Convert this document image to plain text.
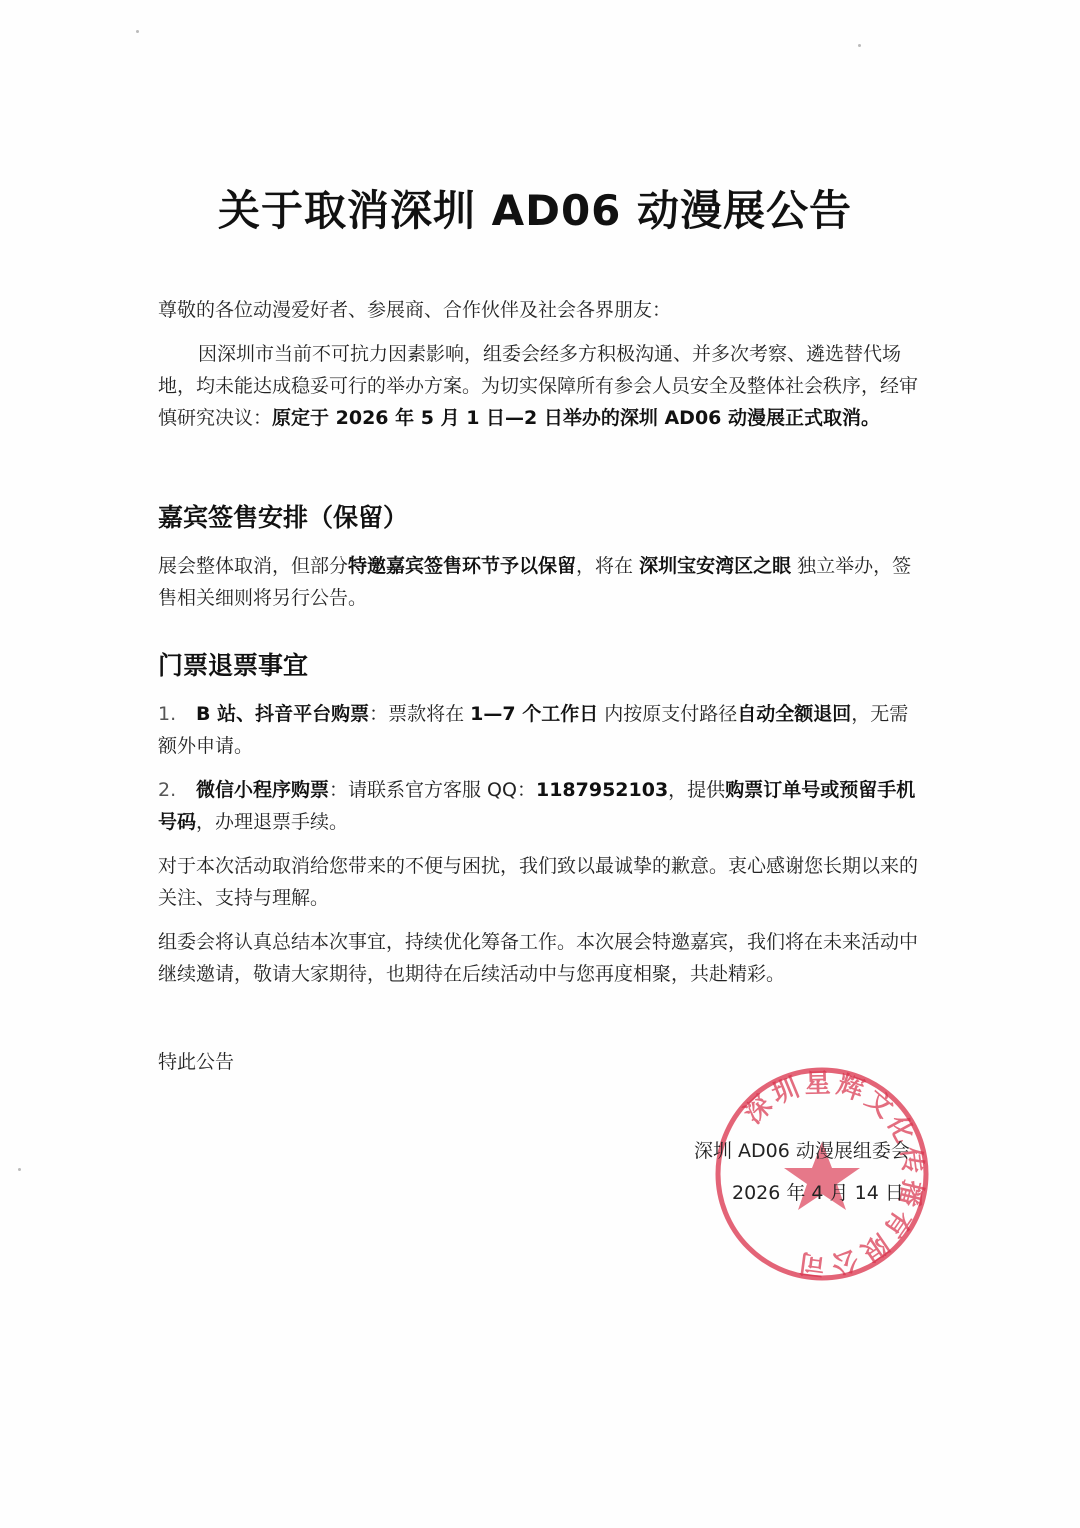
关于取消深圳 AD06 动漫展公告
尊敬的各位动漫爱好者、参展商、合作伙伴及社会各界朋友：
因深圳市当前不可抗力因素影响，组委会经多方积极沟通、并多次考察、遴选替代场地，均未能达成稳妥可行的举办方案。为切实保障所有参会人员安全及整体社会秩序，经审慎研究决议：原定于 2026 年 5 月 1 日—2 日举办的深圳 AD06 动漫展正式取消。
嘉宾签售安排（保留）
展会整体取消，但部分特邀嘉宾签售环节予以保留，将在 深圳宝安湾区之眼 独立举办，签售相关细则将另行公告。
门票退票事宜
1. B 站、抖音平台购票：票款将在 1—7 个工作日 内按原支付路径自动全额退回，无需额外申请。
2. 微信小程序购票：请联系官方客服 QQ：1187952103，提供购票订单号或预留手机号码，办理退票手续。
对于本次活动取消给您带来的不便与困扰，我们致以最诚挚的歉意。衷心感谢您长期以来的关注、支持与理解。
组委会将认真总结本次事宜，持续优化筹备工作。本次展会特邀嘉宾，我们将在未来活动中继续邀请，敬请大家期待，也期待在后续活动中与您再度相聚，共赴精彩。
特此公告
深圳星辉文化传播有限公司
深圳 AD06 动漫展组委会
2026 年 4 月 14 日
